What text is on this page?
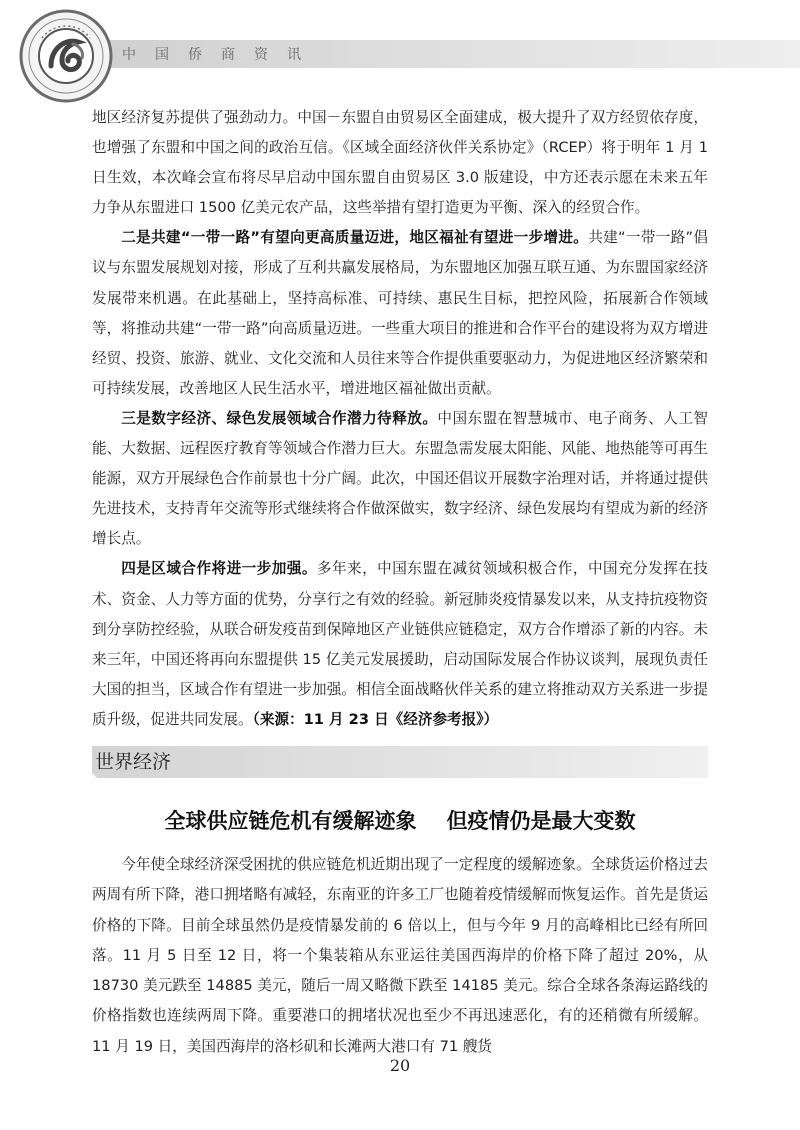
中国侨商资讯

地区经济复苏提供了强劲动力。中国－东盟自由贸易区全面建成，极大提升了双方经贸依存度，也增强了东盟和中国之间的政治互信。《区域全面经济伙伴关系协定》（RCEP）将于明年 1 月 1 日生效，本次峰会宣布将尽早启动中国东盟自由贸易区 3.0 版建设，中方还表示愿在未来五年力争从东盟进口 1500 亿美元农产品，这些举措有望打造更为平衡、深入的经贸合作。

二是共建“一带一路”有望向更高质量迈进，地区福祉有望进一步增进。共建“一带一路”倡议与东盟发展规划对接，形成了互利共赢发展格局，为东盟地区加强互联互通、为东盟国家经济发展带来机遇。在此基础上，坚持高标准、可持续、惠民生目标，把控风险，拓展新合作领域等，将推动共建“一带一路”向高质量迈进。一些重大项目的推进和合作平台的建设将为双方增进经贸、投资、旅游、就业、文化交流和人员往来等合作提供重要驱动力，为促进地区经济繁荣和可持续发展，改善地区人民生活水平，增进地区福祉做出贡献。

三是数字经济、绿色发展领域合作潜力待释放。中国东盟在智慧城市、电子商务、人工智能、大数据、远程医疗教育等领域合作潜力巨大。东盟急需发展太阳能、风能、地热能等可再生能源，双方开展绿色合作前景也十分广阔。此次，中国还倡议开展数字治理对话，并将通过提供先进技术，支持青年交流等形式继续将合作做深做实，数字经济、绿色发展均有望成为新的经济增长点。

四是区域合作将进一步加强。多年来，中国东盟在减贫领域积极合作，中国充分发挥在技术、资金、人力等方面的优势，分享行之有效的经验。新冠肺炎疫情暴发以来，从支持抗疫物资到分享防控经验，从联合研发疫苗到保障地区产业链供应链稳定，双方合作增添了新的内容。未来三年，中国还将再向东盟提供 15 亿美元发展援助，启动国际发展合作协议谈判，展现负责任大国的担当，区域合作有望进一步加强。相信全面战略伙伴关系的建立将推动双方关系进一步提质升级，促进共同发展。（来源：11 月 23 日《经济参考报》）

世界经济
全球供应链危机有缓解迹象 但疫情仍是最大变数

今年使全球经济深受困扰的供应链危机近期出现了一定程度的缓解迹象。全球货运价格过去两周有所下降，港口拥堵略有减轻，东南亚的许多工厂也随着疫情缓解而恢复运作。首先是货运价格的下降。目前全球虽然仍是疫情暴发前的 6 倍以上，但与今年 9 月的高峰相比已经有所回落。11 月 5 日至 12 日，将一个集装箱从东亚运往美国西海岸的价格下降了超过 20%，从 18730 美元跌至 14885 美元，随后一周又略微下跌至 14185 美元。综合全球各条海运路线的价格指数也连续两周下降。重要港口的拥堵状况也至少不再迅速恶化，有的还稍微有所缓解。11 月 19 日，美国西海岸的洛杉矶和长滩两大港口有 71 艘货

20
